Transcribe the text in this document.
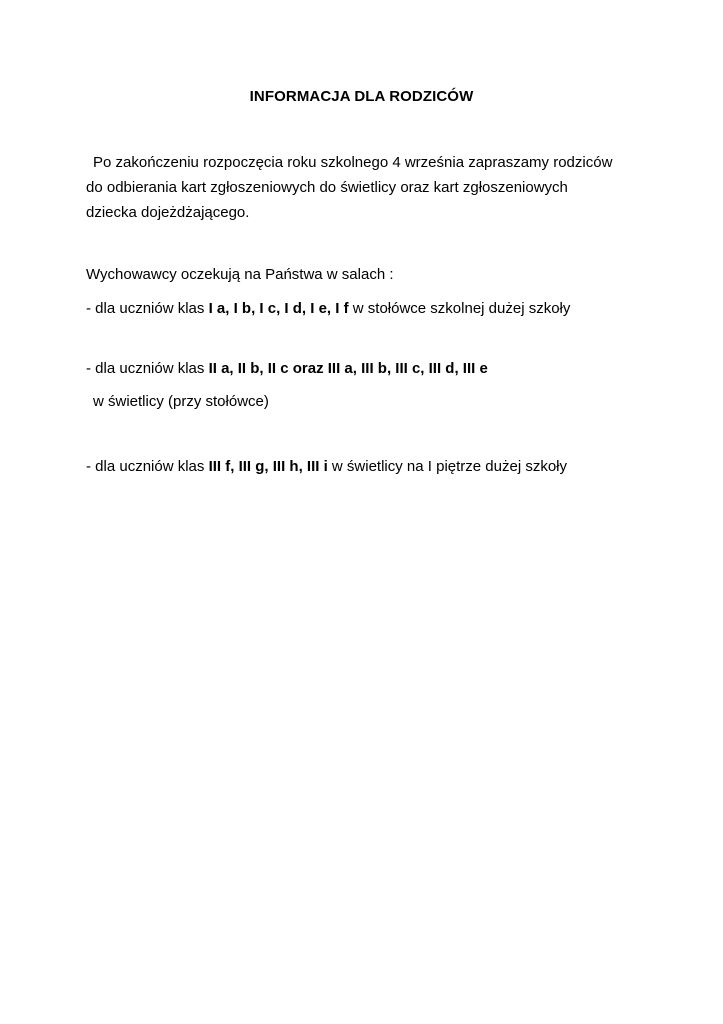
INFORMACJA DLA RODZICÓW
Po zakończeniu rozpoczęcia roku szkolnego 4 września zapraszamy rodziców
do odbierania kart zgłoszeniowych do świetlicy oraz kart zgłoszeniowych
dziecka dojeżdżającego.
Wychowawcy oczekują na Państwa w salach :
- dla uczniów klas I a, I b, I c, I d, I e, I f w stołówce szkolnej dużej szkoły
- dla uczniów klas II a, II b, II c oraz III a, III b, III c, III d, III e
w świetlicy (przy stołówce)
- dla uczniów klas III f, III g, III h, III i w świetlicy na I piętrze dużej szkoły
